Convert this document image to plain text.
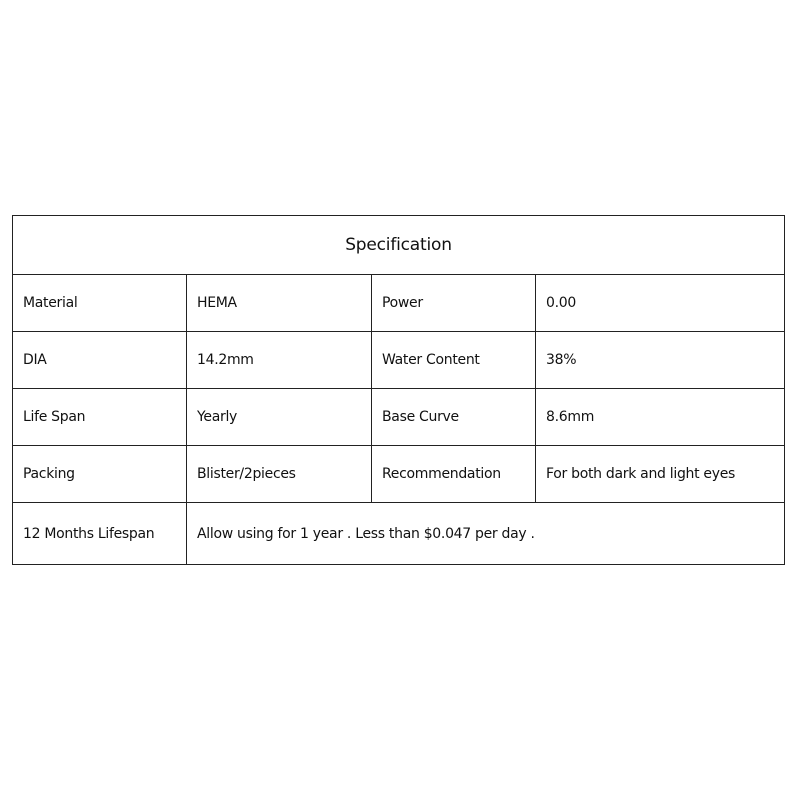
Specification			
Material	HEMA	Power	0.00
DIA	14.2mm	Water Content	38%
Life Span	Yearly	Base Curve	8.6mm
Packing	Blister/2pieces	Recommendation	For both dark and light eyes
12 Months Lifespan	Allow using for 1 year . Less than $0.047 per day .		
